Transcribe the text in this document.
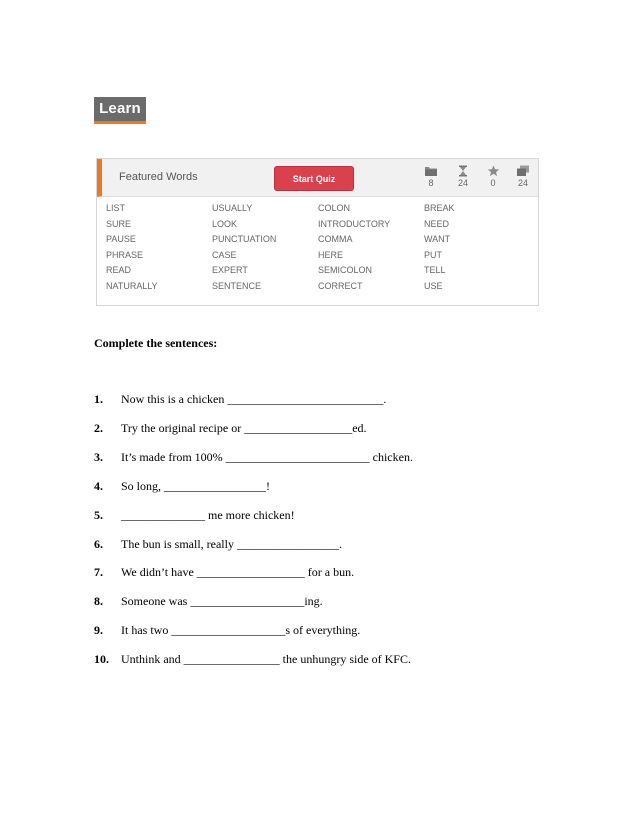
Learn
Featured Words	Start Quiz	8	24	0	24
LIST	USUALLY	COLON	BREAK
SURE	LOOK	INTRODUCTORY	NEED
PAUSE	PUNCTUATION	COMMA	WANT
PHRASE	CASE	HERE	PUT
READ	EXPERT	SEMICOLON	TELL
NATURALLY	SENTENCE	CORRECT	USE
Complete the sentences:
1.	Now this is a chicken __________________________.
2.	Try the original recipe or __________________ed.
3.	It’s made from 100% ________________________ chicken.
4.	So long, _________________!
5.	______________ me more chicken!
6.	The bun is small, really _________________.
7.	We didn’t have __________________ for a bun.
8.	Someone was ___________________ing.
9.	It has two ___________________s of everything.
10.	Unthink and ________________ the unhungry side of KFC.
